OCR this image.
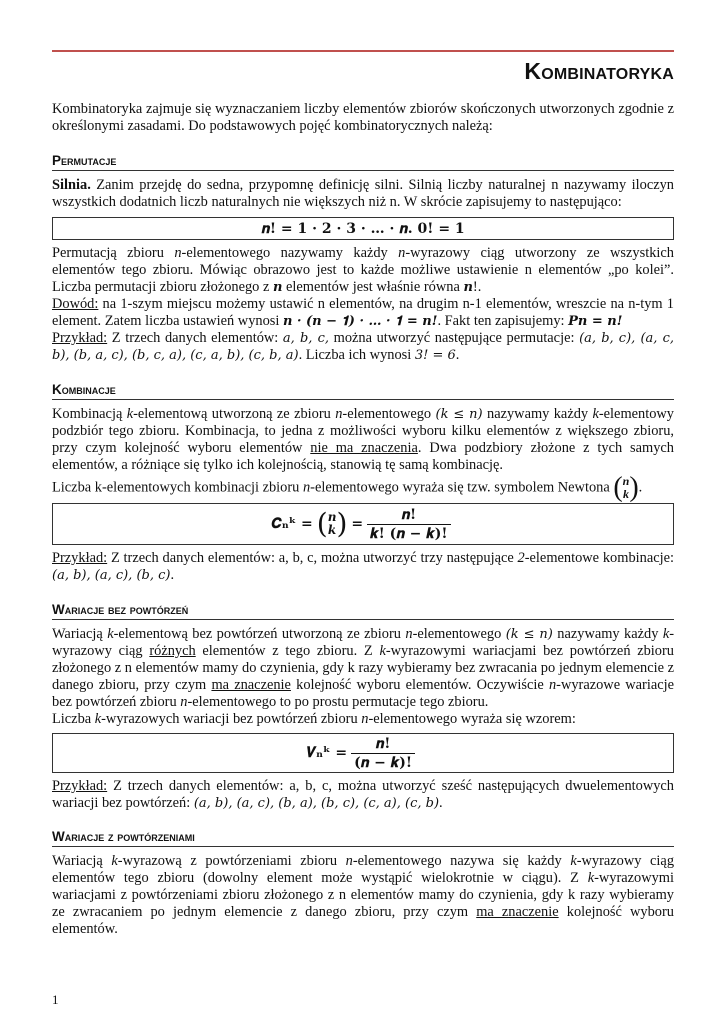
Kombinatoryka
Kombinatoryka zajmuje się wyznaczaniem liczby elementów zbiorów skończonych utworzonych zgodnie z określonymi zasadami. Do podstawowych pojęć kombinatorycznych należą:
Permutacje
Silnia. Zanim przejdę do sedna, przypomnę definicję silni. Silnią liczby naturalnej n nazywamy iloczyn wszystkich dodatnich liczb naturalnych nie większych niż n. W skrócie zapisujemy to następująco:
𝒏! = 𝟏 · 𝟐 · 𝟑 · … · 𝒏. 𝟎! = 𝟏
Permutacją zbioru n-elementowego nazywamy każdy n-wyrazowy ciąg utworzony ze wszystkich elementów tego zbioru. Mówiąc obrazowo jest to każde możliwe ustawienie n elementów „po kolei”. Liczba permutacji zbioru złożonego z 𝒏 elementów jest właśnie równa 𝒏!.
Dowód: na 1-szym miejscu możemy ustawić n elementów, na drugim n-1 elementów, wreszcie na n-tym 1 element. Zatem liczba ustawień wynosi 𝒏 · (𝒏 − 𝟏) · … · 𝟏 = 𝒏!. Fakt ten zapisujemy: 𝑷𝒏 = 𝒏!
Przykład: Z trzech danych elementów: 𝑎, 𝑏, 𝑐, można utworzyć następujące permutacje: (𝑎, 𝑏, 𝑐), (𝑎, 𝑐, 𝑏), (𝑏, 𝑎, 𝑐), (𝑏, 𝑐, 𝑎), (𝑐, 𝑎, 𝑏), (𝑐, 𝑏, 𝑎). Liczba ich wynosi 3! = 6.
Kombinacje
Kombinacją k-elementową utworzoną ze zbioru n-elementowego (𝑘 ≤ 𝑛) nazywamy każdy k-elementowy podzbiór tego zbioru. Kombinacja, to jedna z możliwości wyboru kilku elementów z większego zbioru, przy czym kolejność wyboru elementów nie ma znaczenia. Dwa podzbiory złożone z tych samych elementów, a różniące się tylko ich kolejnością, stanowią tę samą kombinację.
Liczba k-elementowych kombinacji zbioru n-elementowego wyraża się tzw. symbolem Newtona ( n
k ) .
𝑪ₙᵏ = ( n
k ) = $\frac{\text{𝒏!}}{\text{𝒌! (𝒏 − 𝒌)!}}$
Przykład: Z trzech danych elementów: a, b, c, można utworzyć trzy następujące 2-elementowe kombinacje: (𝑎, 𝑏), (𝑎, 𝑐), (𝑏, 𝑐).
Wariacje bez powtórzeń
Wariacją k-elementową bez powtórzeń utworzoną ze zbioru n-elementowego (𝑘 ≤ 𝑛) nazywamy każdy k-wyrazowy ciąg różnych elementów z tego zbioru. Z k-wyrazowymi wariacjami bez powtórzeń zbioru złożonego z n elementów mamy do czynienia, gdy k razy wybieramy bez zwracania po jednym elemencie z danego zbioru, przy czym ma znaczenie kolejność wyboru elementów. Oczywiście n-wyrazowe wariacje bez powtórzeń zbioru n-elementowego to po prostu permutacje tego zbioru.
Liczba k-wyrazowych wariacji bez powtórzeń zbioru n-elementowego wyraża się wzorem:
𝑽ₙᵏ = $\frac{\text{𝒏!}}{\text{(𝒏 − 𝒌)!}}$
Przykład: Z trzech danych elementów: a, b, c, można utworzyć sześć następujących dwuelementowych wariacji bez powtórzeń: (𝑎, 𝑏), (𝑎, 𝑐), (𝑏, 𝑎), (𝑏, 𝑐), (𝑐, 𝑎), (𝑐, 𝑏).
Wariacje z powtórzeniami
Wariacją k-wyrazową z powtórzeniami zbioru n-elementowego nazywa się każdy k-wyrazowy ciąg elementów tego zbioru (dowolny element może wystąpić wielokrotnie w ciągu). Z k-wyrazowymi wariacjami z powtórzeniami zbioru złożonego z n elementów mamy do czynienia, gdy k razy wybieramy ze zwracaniem po jednym elemencie z danego zbioru, przy czym ma znaczenie kolejność wyboru elementów.
1
